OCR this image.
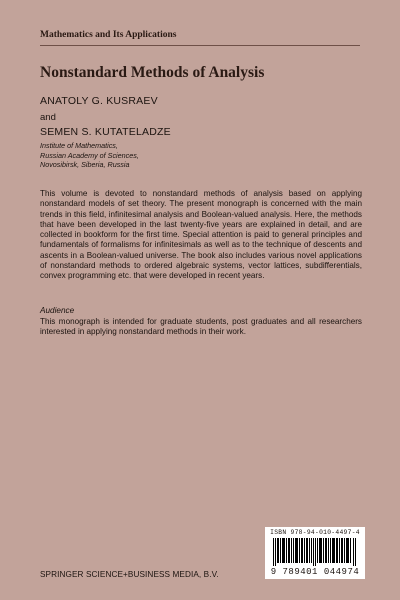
Mathematics and Its Applications
Nonstandard Methods of Analysis
ANATOLY G. KUSRAEV
and
SEMEN S. KUTATELADZE
Institute of Mathematics,
Russian Academy of Sciences,
Novosibirsk, Siberia, Russia

This volume is devoted to nonstandard methods of analysis based on applying nonstandard models of set theory. The present monograph is concerned with the main trends in this field, infinitesimal analysis and Boolean-valued analysis. Here, the methods that have been developed in the last twenty-five years are explained in detail, and are collected in bookform for the first time. Special attention is paid to general principles and fundamentals of formalisms for infinitesimals as well as to the technique of descents and ascents in a Boolean-valued universe. The book also includes various novel applications of nonstandard methods to ordered algebraic systems, vector lattices, subdifferentials, convex programming etc. that were developed in recent years.

Audience

This monograph is intended for graduate students, post graduates and all researchers interested in applying nonstandard methods in their work.

ISBN 978-94-010-4497-4
9 789401 044974
SPRINGER SCIENCE+BUSINESS MEDIA, B.V.
